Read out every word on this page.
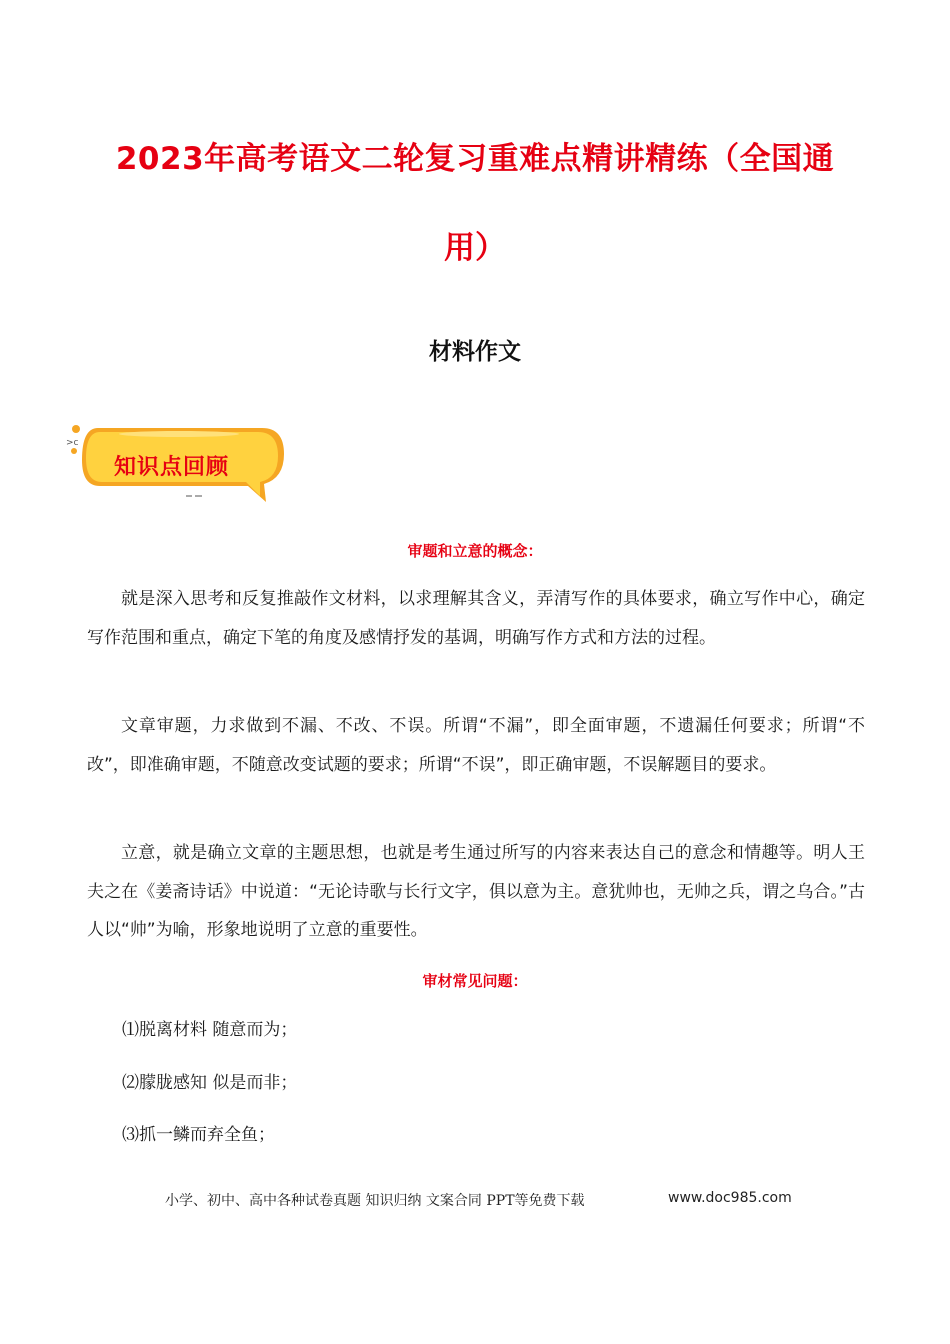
2023年高考语文二轮复习重难点精讲精练（全国通
用）
材料作文
>c
知识点回顾
审题和立意的概念：

就是深入思考和反复推敲作文材料，以求理解其含义，弄清写作的具体要求，确立写作中心，确定写作范围和重点，确定下笔的角度及感情抒发的基调，明确写作方式和方法的过程。

文章审题，力求做到不漏、不改、不误。所谓“不漏”，即全面审题，不遗漏任何要求；所谓“不改”，即准确审题，不随意改变试题的要求；所谓“不误”，即正确审题，不误解题目的要求。

立意，就是确立文章的主题思想，也就是考生通过所写的内容来表达自己的意念和情趣等。明人王夫之在《姜斋诗话》中说道：“无论诗歌与长行文字，俱以意为主。意犹帅也，无帅之兵，谓之乌合。”古人以“帅”为喻，形象地说明了立意的重要性。

审材常见问题：
⑴脱离材料 随意而为；
⑵朦胧感知 似是而非；
⑶抓一鳞而弃全鱼；
小学、初中、高中各种试卷真题 知识归纳 文案合同 PPT等免费下载	www.doc985.com
